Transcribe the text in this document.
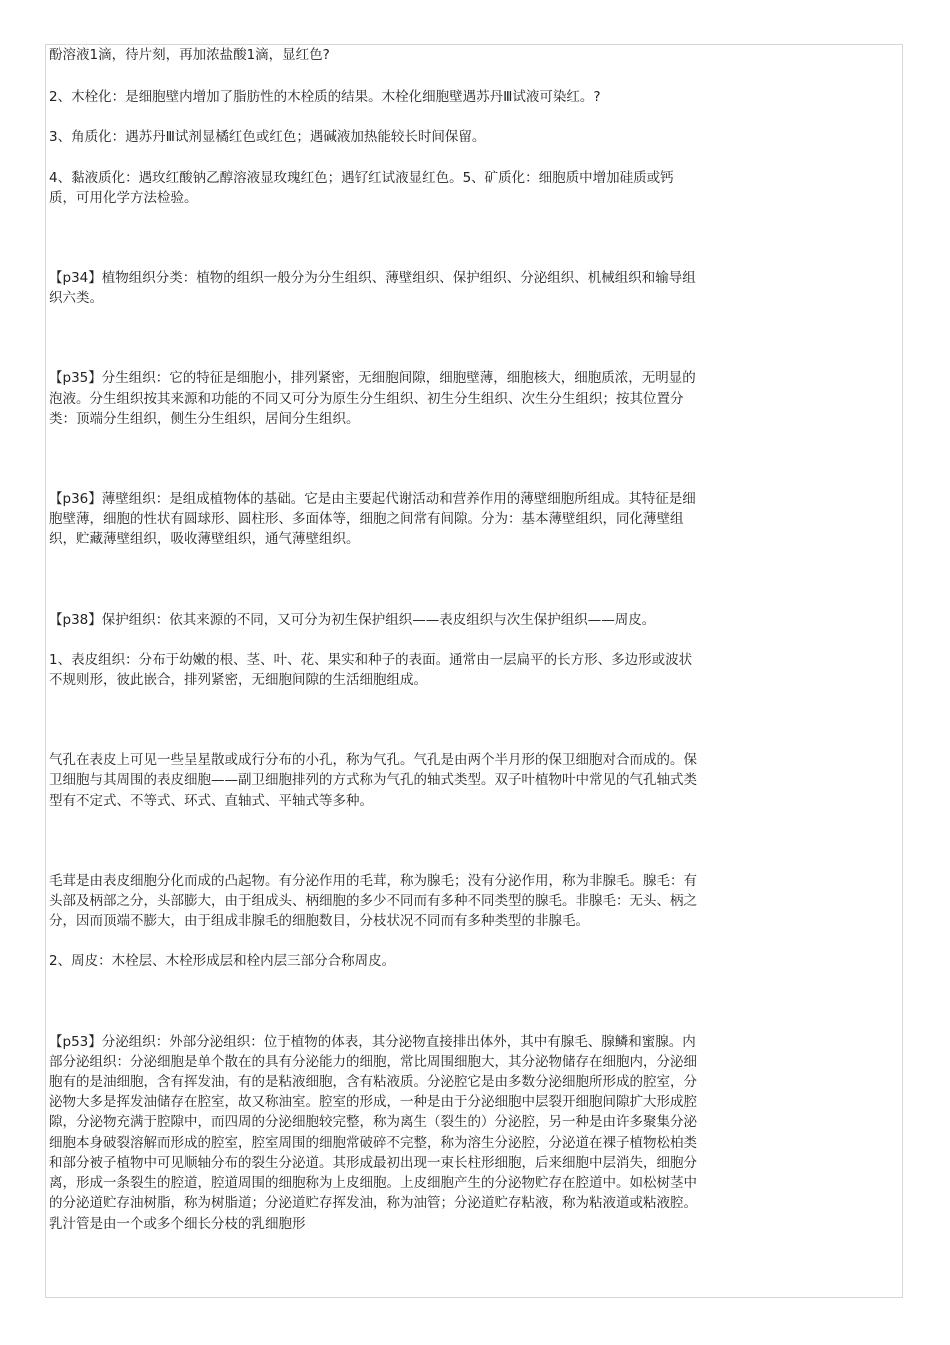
酚溶液1滴，待片刻，再加浓盐酸1滴，显红色?

2、木栓化：是细胞壁内增加了脂肪性的木栓质的结果。木栓化细胞壁遇苏丹Ⅲ试液可染红。?

3、角质化：遇苏丹Ⅲ试剂显橘红色或红色；遇碱液加热能较长时间保留。

4、黏液质化：遇玫红酸钠乙醇溶液显玫瑰红色；遇钌红试液显红色。5、矿质化：细胞质中增加硅质或钙质，可用化学方法检验。

【p34】植物组织分类：植物的组织一般分为分生组织、薄壁组织、保护组织、分泌组织、机械组织和输导组织六类。

【p35】分生组织：它的特征是细胞小，排列紧密，无细胞间隙，细胞壁薄，细胞核大，细胞质浓，无明显的泡液。分生组织按其来源和功能的不同又可分为原生分生组织、初生分生组织、次生分生组织；按其位置分类：顶端分生组织，侧生分生组织，居间分生组织。

【p36】薄壁组织：是组成植物体的基础。它是由主要起代谢活动和营养作用的薄壁细胞所组成。其特征是细胞壁薄，细胞的性状有圆球形、圆柱形、多面体等，细胞之间常有间隙。分为：基本薄壁组织，同化薄壁组织，贮藏薄壁组织，吸收薄壁组织，通气薄壁组织。

【p38】保护组织：依其来源的不同，又可分为初生保护组织——表皮组织与次生保护组织——周皮。

1、表皮组织：分布于幼嫩的根、茎、叶、花、果实和种子的表面。通常由一层扁平的长方形、多边形或波状不规则形，彼此嵌合，排列紧密，无细胞间隙的生活细胞组成。

气孔在表皮上可见一些呈星散或成行分布的小孔，称为气孔。气孔是由两个半月形的保卫细胞对合而成的。保卫细胞与其周围的表皮细胞——副卫细胞排列的方式称为气孔的轴式类型。双子叶植物叶中常见的气孔轴式类型有不定式、不等式、环式、直轴式、平轴式等多种。

毛茸是由表皮细胞分化而成的凸起物。有分泌作用的毛茸，称为腺毛；没有分泌作用，称为非腺毛。腺毛：有头部及柄部之分，头部膨大，由于组成头、柄细胞的多少不同而有多种不同类型的腺毛。非腺毛：无头、柄之分，因而顶端不膨大，由于组成非腺毛的细胞数目，分枝状况不同而有多种类型的非腺毛。

2、周皮：木栓层、木栓形成层和栓内层三部分合称周皮。

【p53】分泌组织：外部分泌组织：位于植物的体表，其分泌物直接排出体外，其中有腺毛、腺鳞和蜜腺。内部分泌组织：分泌细胞是单个散在的具有分泌能力的细胞，常比周围细胞大，其分泌物储存在细胞内，分泌细胞有的是油细胞，含有挥发油，有的是粘液细胞，含有粘液质。分泌腔它是由多数分泌细胞所形成的腔室，分泌物大多是挥发油储存在腔室，故又称油室。腔室的形成，一种是由于分泌细胞中层裂开细胞间隙扩大形成腔隙，分泌物充满于腔隙中，而四周的分泌细胞较完整，称为离生（裂生的）分泌腔，另一种是由许多聚集分泌细胞本身破裂溶解而形成的腔室，腔室周围的细胞常破碎不完整，称为溶生分泌腔，分泌道在裸子植物松柏类和部分被子植物中可见顺轴分布的裂生分泌道。其形成最初出现一束长柱形细胞，后来细胞中层消失，细胞分离，形成一条裂生的腔道，腔道周围的细胞称为上皮细胞。上皮细胞产生的分泌物贮存在腔道中。如松树茎中的分泌道贮存油树脂，称为树脂道；分泌道贮存挥发油，称为油管；分泌道贮存粘液，称为粘液道或粘液腔。乳汁管是由一个或多个细长分枝的乳细胞形
